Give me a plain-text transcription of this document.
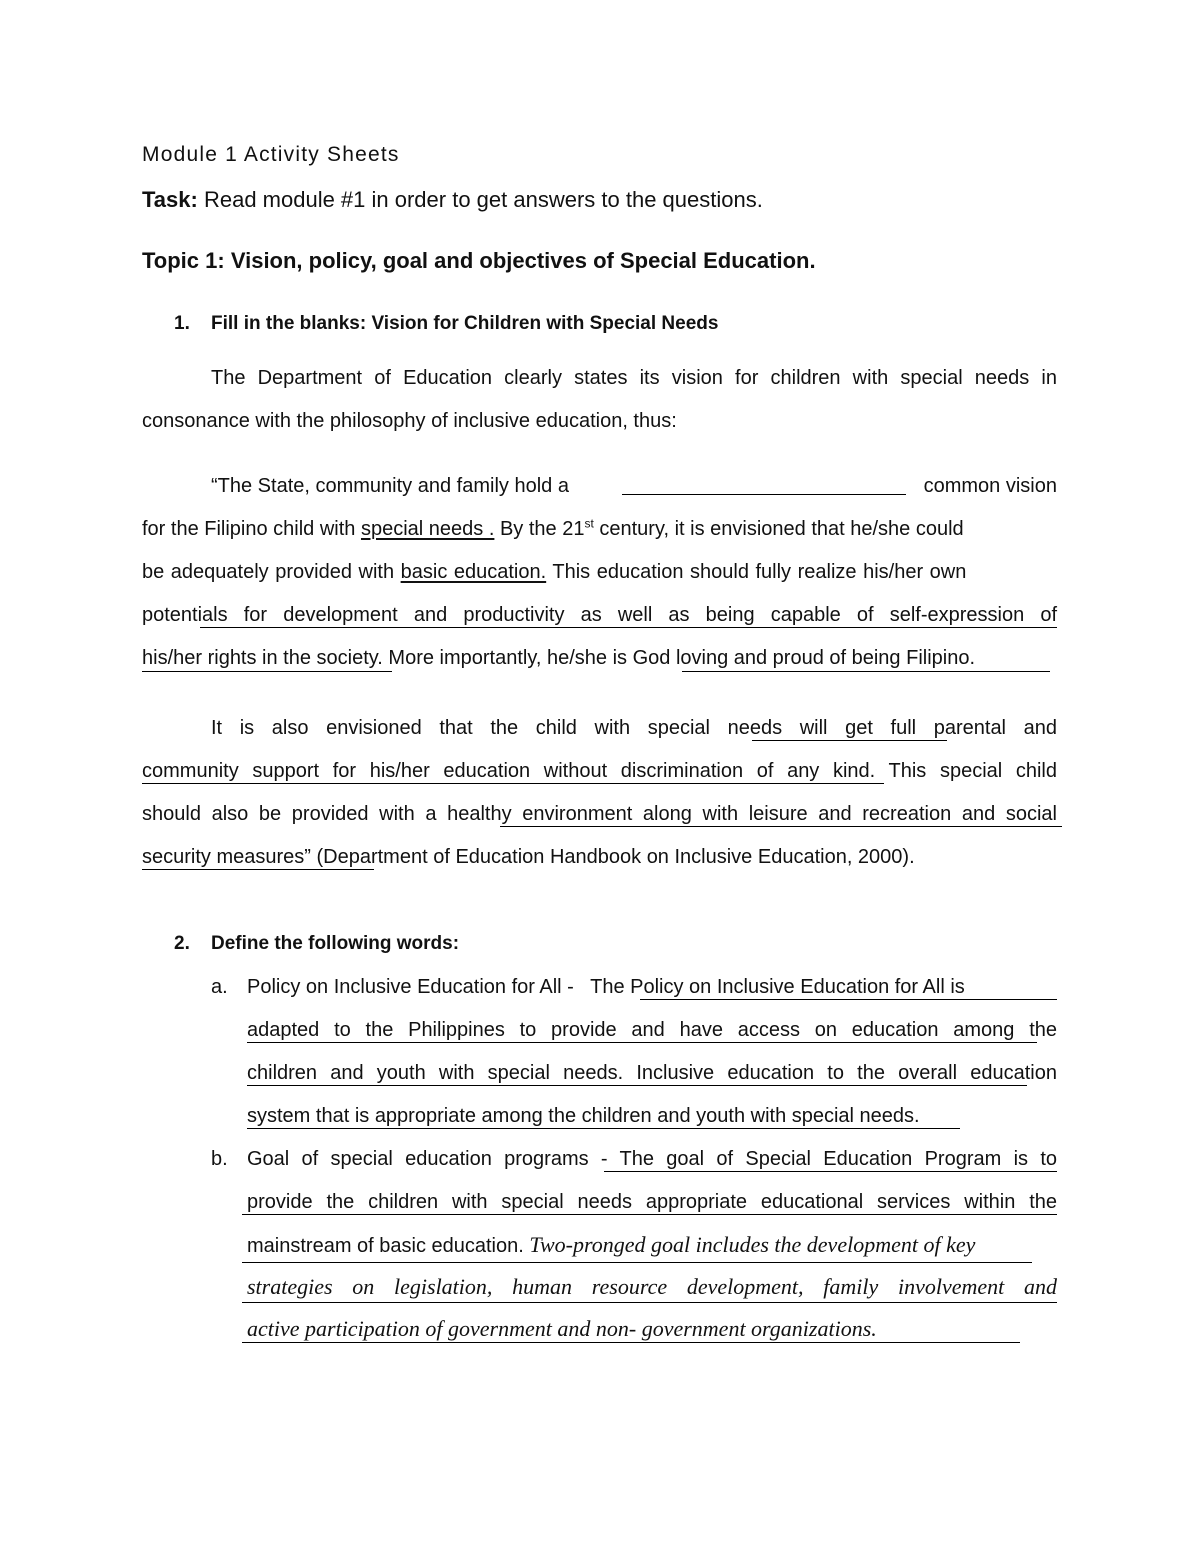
Module 1 Activity Sheets
Task: Read module #1 in order to get answers to the questions.
Topic 1: Vision, policy, goal and objectives of Special Education.
1. Fill in the blanks: Vision for Children with Special Needs
The Department of Education clearly states its vision for children with special needs in
consonance with the philosophy of inclusive education, thus:
“The State, community and family hold a	common vision
for the Filipino child with special needs . By the 21st century, it is envisioned that he/she could
be adequately provided with basic education. This education should fully realize his/her own
potentials for development and productivity as well as being capable of self-expression of
his/her rights in the society. More importantly, he/she is God loving and proud of being Filipino.
It is also envisioned that the child with special needs will get full parental and
community support for his/her education without discrimination of any kind. This special child
should also be provided with a healthy environment along with leisure and recreation and social
security measures” (Department of Education Handbook on Inclusive Education, 2000).
2. Define the following words:
a. Policy on Inclusive Education for All -   The Policy on Inclusive Education for All is
adapted to the Philippines to provide and have access on education among the
children and youth with special needs. Inclusive education to the overall education
system that is appropriate among the children and youth with special needs.
b. Goal of special education programs - The goal of Special Education Program is to
provide the children with special needs appropriate educational services within the
mainstream of basic education. Two-pronged goal includes the development of key
strategies on legislation, human resource development, family involvement and
active participation of government and non- government organizations.
